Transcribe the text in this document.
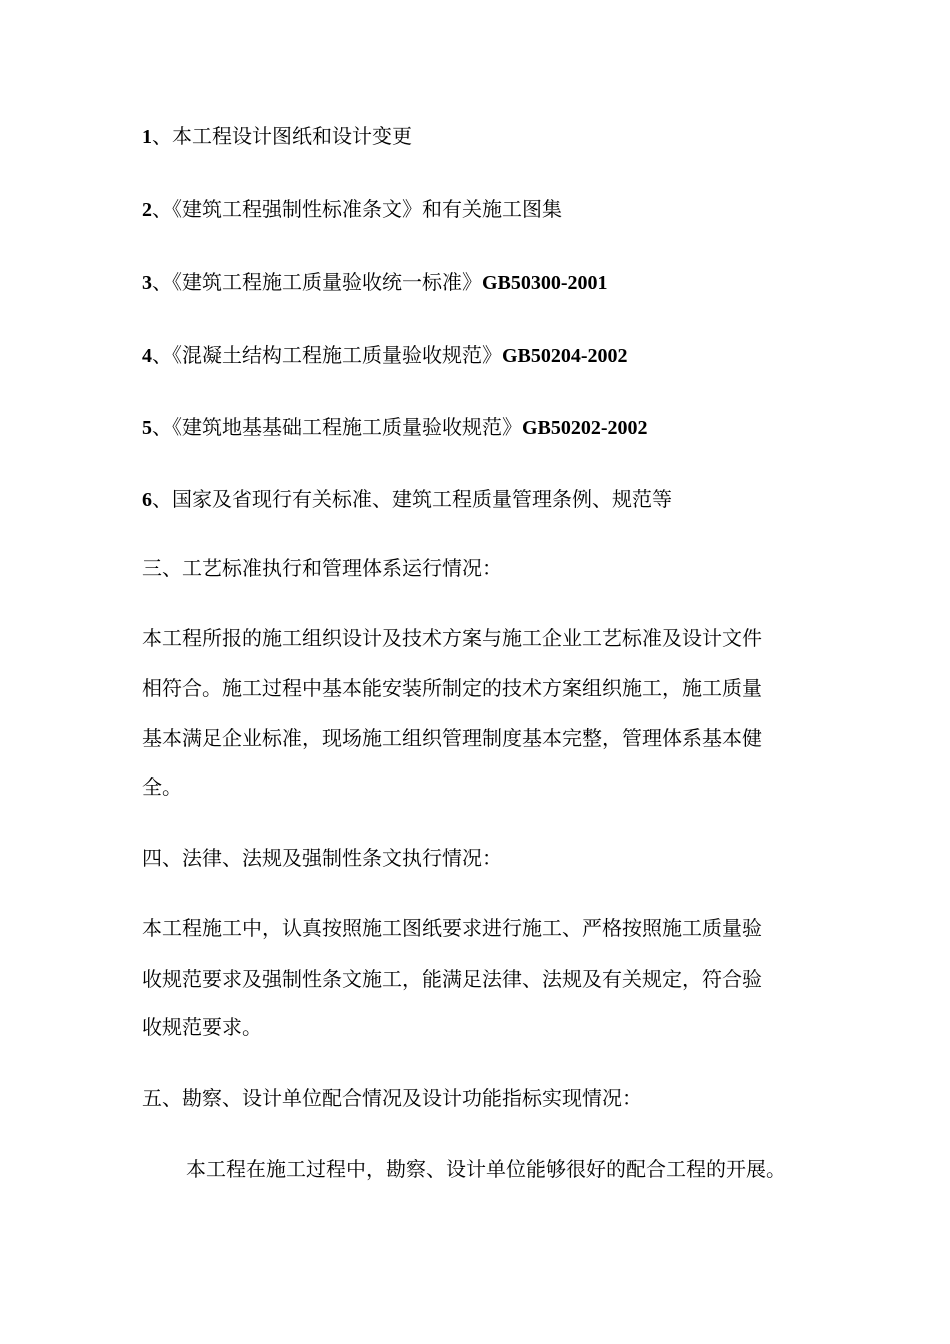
1、本工程设计图纸和设计变更
2、《建筑工程强制性标准条文》和有关施工图集
3、《建筑工程施工质量验收统一标准》GB50300-2001
4、《混凝土结构工程施工质量验收规范》GB50204-2002
5、《建筑地基基础工程施工质量验收规范》GB50202-2002
6、国家及省现行有关标准、建筑工程质量管理条例、规范等
三、工艺标准执行和管理体系运行情况：
本工程所报的施工组织设计及技术方案与施工企业工艺标准及设计文件
相符合。施工过程中基本能安装所制定的技术方案组织施工，施工质量
基本满足企业标准，现场施工组织管理制度基本完整，管理体系基本健
全。
四、法律、法规及强制性条文执行情况：
本工程施工中，认真按照施工图纸要求进行施工、严格按照施工质量验
收规范要求及强制性条文施工，能满足法律、法规及有关规定，符合验
收规范要求。
五、勘察、设计单位配合情况及设计功能指标实现情况：
本工程在施工过程中，勘察、设计单位能够很好的配合工程的开展。
